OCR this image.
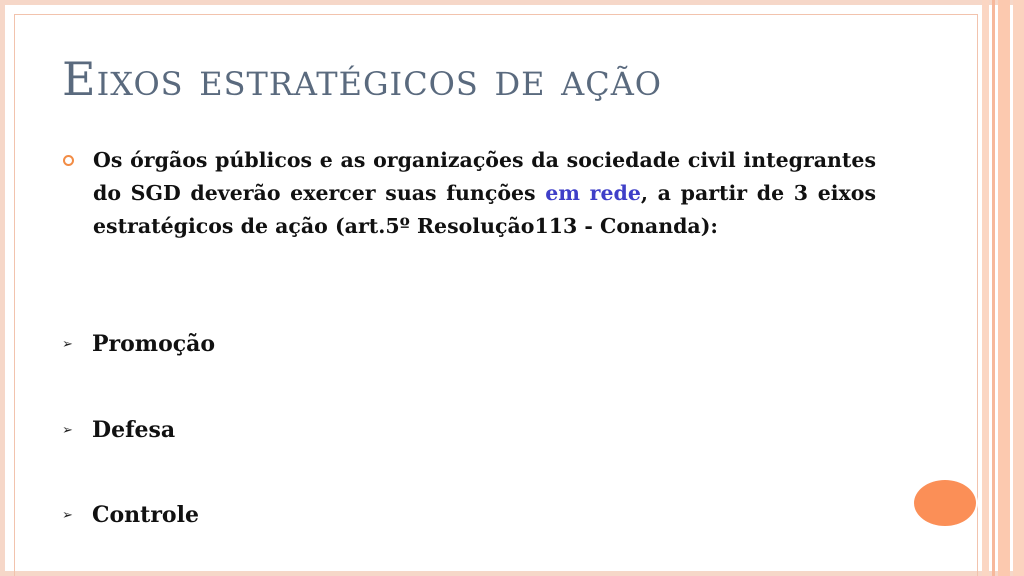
Eixos estratégicos de ação
Os órgãos públicos e as organizações da sociedade civil integrantes do SGD deverão exercer suas funções em rede, a partir de 3 eixos estratégicos de ação (art.5º Resolução113 - Conanda):
➢ Promoção
➢ Defesa
➢ Controle
